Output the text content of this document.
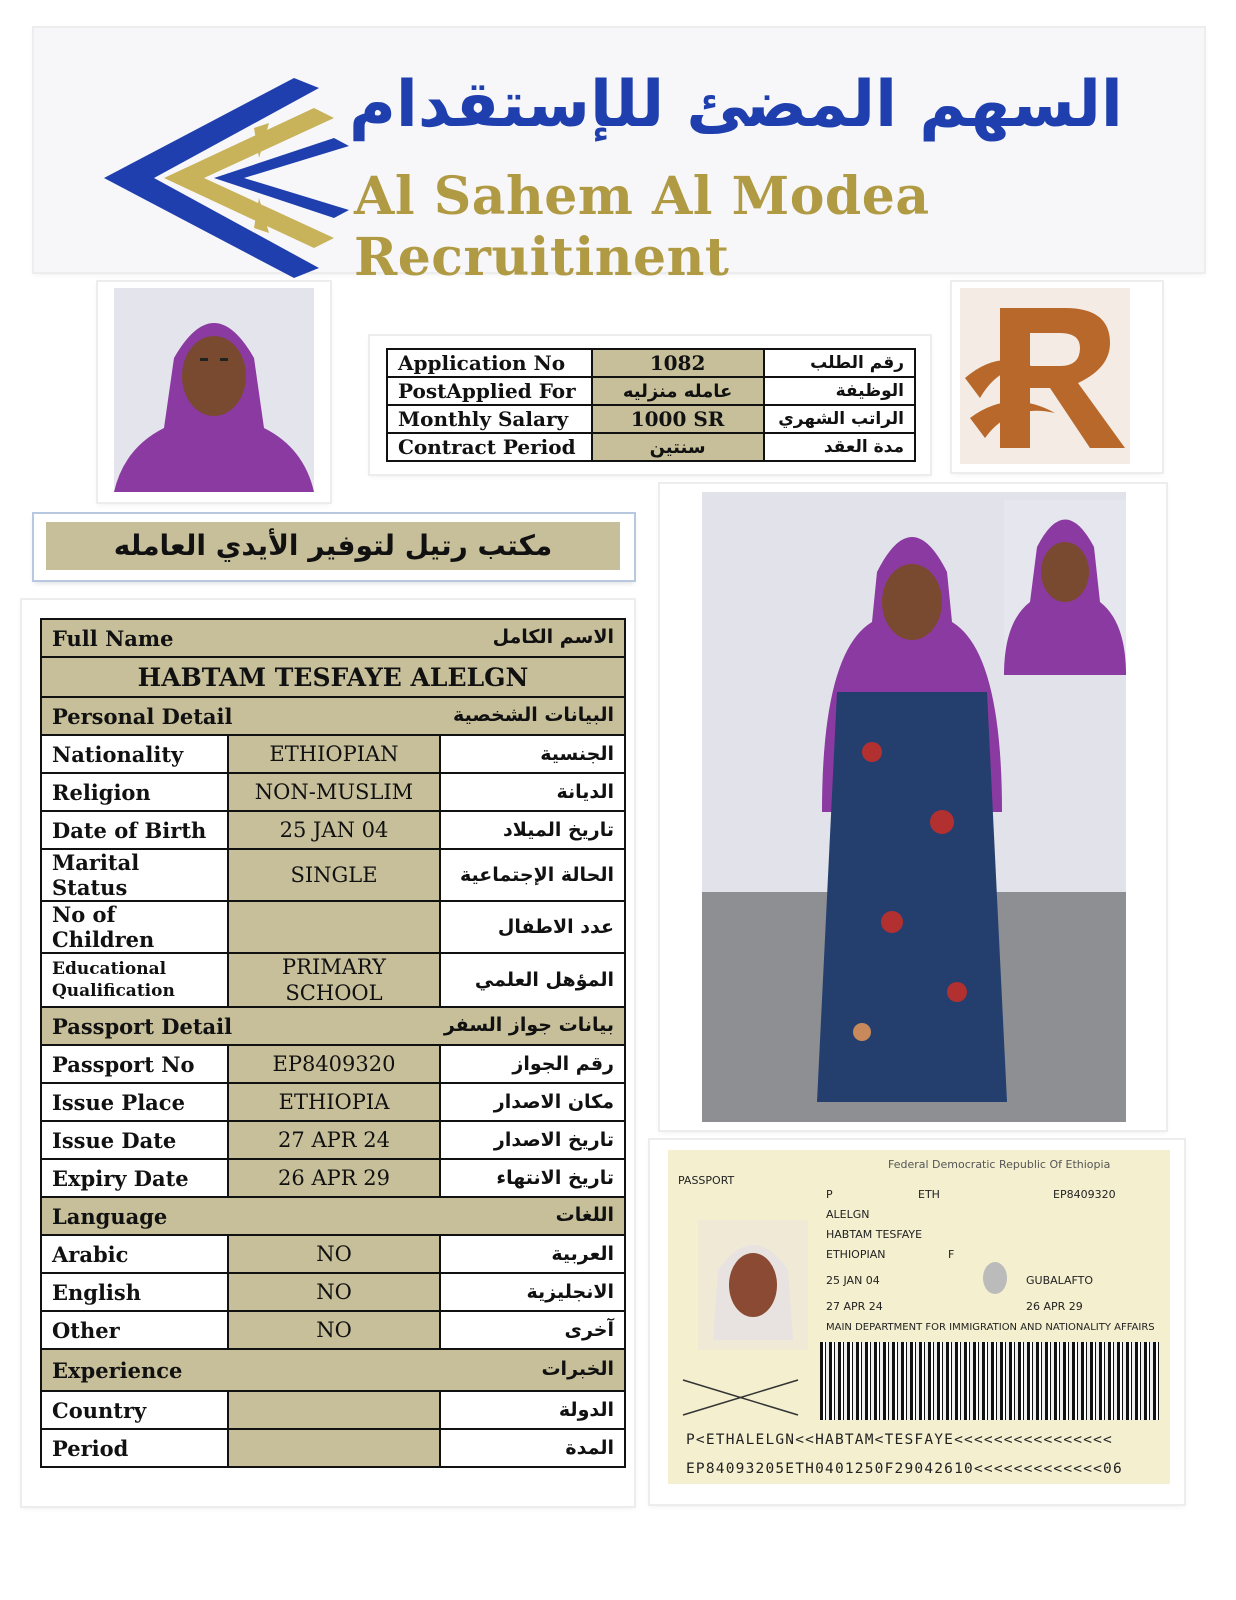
السهم المضئ للإستقدام
Al Sahem Al Modea Recruitinent
Application No	1082	رقم الطلب
PostApplied For	عامله منزليه	الوظيفة
Monthly Salary	1000 SR	الراتب الشهري
Contract Period	سنتين	مدة العقد
مكتب رتيل لتوفير الأيدي العامله
Full Name الاسم الكامل		

HABTAM TESFAYE ALELGN		
Personal Detail البيانات الشخصية		

Nationality	ETHIOPIAN	الجنسية
Religion	NON-MUSLIM	الديانة
Date of Birth	25 JAN 04	تاريخ الميلاد
Marital Status	SINGLE	الحالة الإجتماعية
No of Children		عدد الاطفال
Educational Qualification	PRIMARY SCHOOL	المؤهل العلمي
Passport Detail بيانات جواز السفر		

Passport No	EP8409320	رقم الجواز
Issue Place	ETHIOPIA	مكان الاصدار
Issue Date	27 APR 24	تاريخ الاصدار
Expiry Date	26 APR 29	تاريخ الانتهاء
Language اللغات		

Arabic	NO	العربية
English	NO	الانجليزية
Other	NO	آخرى
Experience الخبرات		

Country		الدولة
Period		المدة
Federal Democratic Republic Of Ethiopia
PASSPORT
P	ETH	EP8409320
ALELGN
HABTAM TESFAYE
ETHIOPIAN	F
25 JAN 04	GUBALAFTO
27 APR 24	26 APR 29
MAIN DEPARTMENT FOR IMMIGRATION AND NATIONALITY AFFAIRS
P<ETHALELGN<<HABTAM<TESFAYE<<<<<<<<<<<<<<<<
EP84093205ETH0401250F29042610<<<<<<<<<<<<<06
